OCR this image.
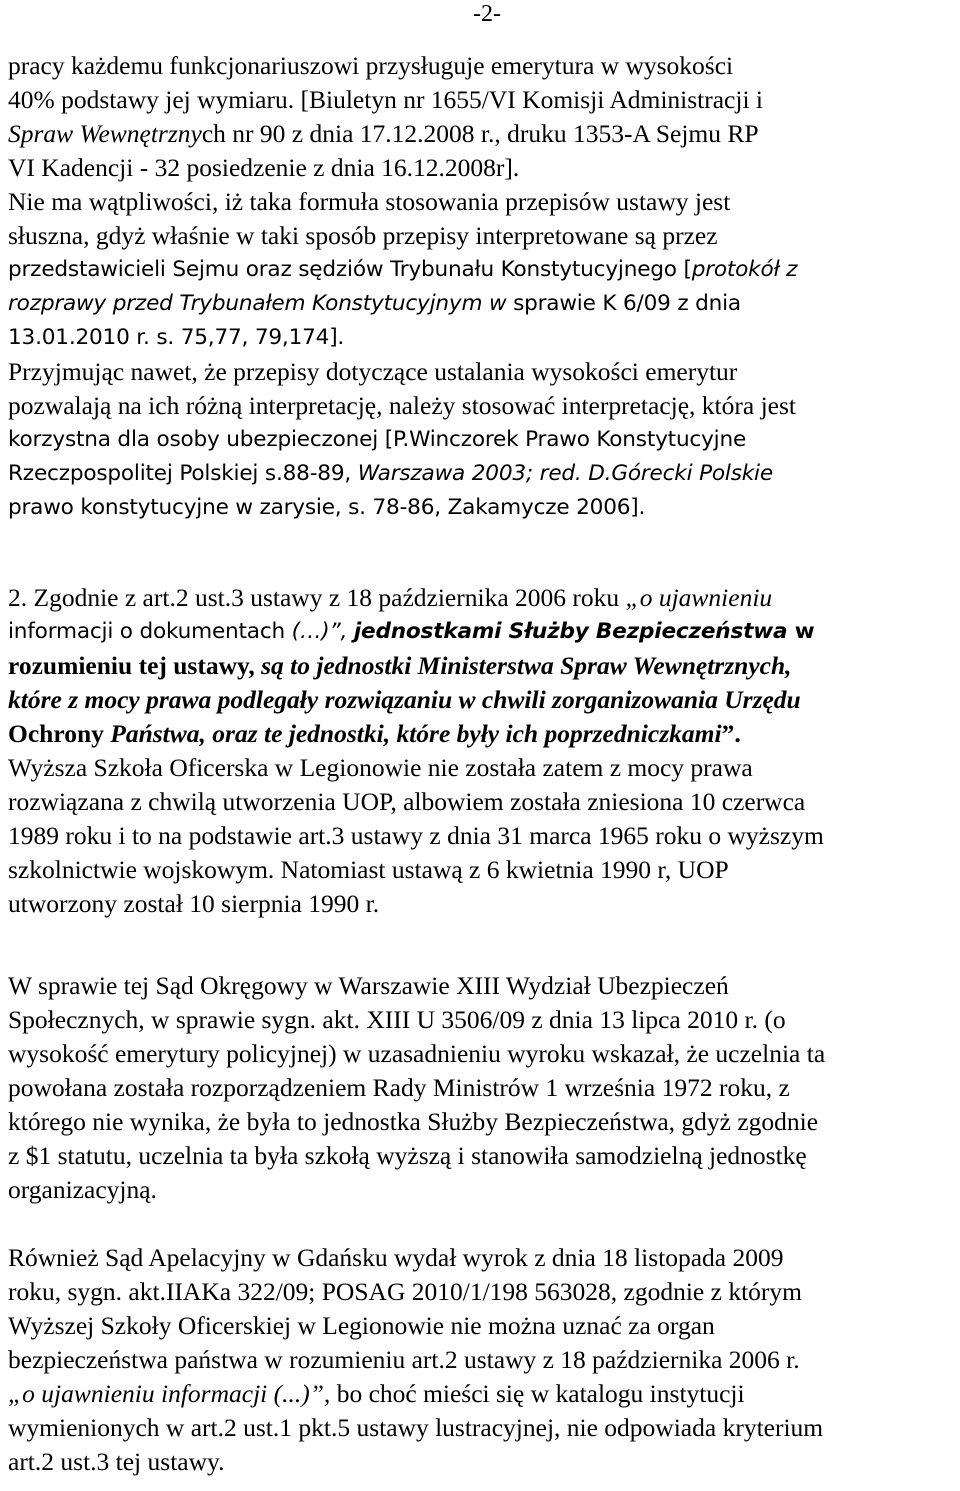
-2-
pracy każdemu funkcjonariuszowi przysługuje emerytura w wysokości
40% podstawy jej wymiaru. [Biuletyn nr 1655/VI Komisji Administracji i
Spraw Wewnętrznych nr 90 z dnia 17.12.2008 r., druku 1353-A Sejmu RP
VI Kadencji - 32 posiedzenie z dnia 16.12.2008r].
Nie ma wątpliwości, iż taka formuła stosowania przepisów ustawy jest
słuszna, gdyż właśnie w taki sposób przepisy interpretowane są przez
przedstawicieli Sejmu oraz sędziów Trybunału Konstytucyjnego [protokół z
rozprawy przed Trybunałem Konstytucyjnym w sprawie K 6/09 z dnia
13.01.2010 r. s. 75,77, 79,174].
Przyjmując nawet, że przepisy dotyczące ustalania wysokości emerytur
pozwalają na ich różną interpretację, należy stosować interpretację, która jest
korzystna dla osoby ubezpieczonej [P.Winczorek Prawo Konstytucyjne
Rzeczpospolitej Polskiej s.88-89, Warszawa 2003; red. D.Górecki Polskie
prawo konstytucyjne w zarysie, s. 78-86, Zakamycze 2006].
2. Zgodnie z art.2 ust.3 ustawy z 18 października 2006 roku „o ujawnieniu
informacji o dokumentach (…)”, jednostkami Służby Bezpieczeństwa w
rozumieniu tej ustawy, są to jednostki Ministerstwa Spraw Wewnętrznych,
które z mocy prawa podlegały rozwiązaniu w chwili zorganizowania Urzędu
Ochrony Państwa, oraz te jednostki, które były ich poprzedniczkami”.
Wyższa Szkoła Oficerska w Legionowie nie została zatem z mocy prawa
rozwiązana z chwilą utworzenia UOP, albowiem została zniesiona 10 czerwca
1989 roku i to na podstawie art.3 ustawy z dnia 31 marca 1965 roku o wyższym
szkolnictwie wojskowym. Natomiast ustawą z 6 kwietnia 1990 r, UOP
utworzony został 10 sierpnia 1990 r.
W sprawie tej Sąd Okręgowy w Warszawie XIII Wydział Ubezpieczeń
Społecznych, w sprawie sygn. akt. XIII U 3506/09 z dnia 13 lipca 2010 r. (o
wysokość emerytury policyjnej) w uzasadnieniu wyroku wskazał, że uczelnia ta
powołana została rozporządzeniem Rady Ministrów 1 września 1972 roku, z
którego nie wynika, że była to jednostka Służby Bezpieczeństwa, gdyż zgodnie
z $1 statutu, uczelnia ta była szkołą wyższą i stanowiła samodzielną jednostkę
organizacyjną.
Również Sąd Apelacyjny w Gdańsku wydał wyrok z dnia 18 listopada 2009
roku, sygn. akt.IIAKa 322/09; POSAG 2010/1/198 563028, zgodnie z którym
Wyższej Szkoły Oficerskiej w Legionowie nie można uznać za organ
bezpieczeństwa państwa w rozumieniu art.2 ustawy z 18 października 2006 r.
„o ujawnieniu informacji (...)”, bo choć mieści się w katalogu instytucji
wymienionych w art.2 ust.1 pkt.5 ustawy lustracyjnej, nie odpowiada kryterium
art.2 ust.3 tej ustawy.
